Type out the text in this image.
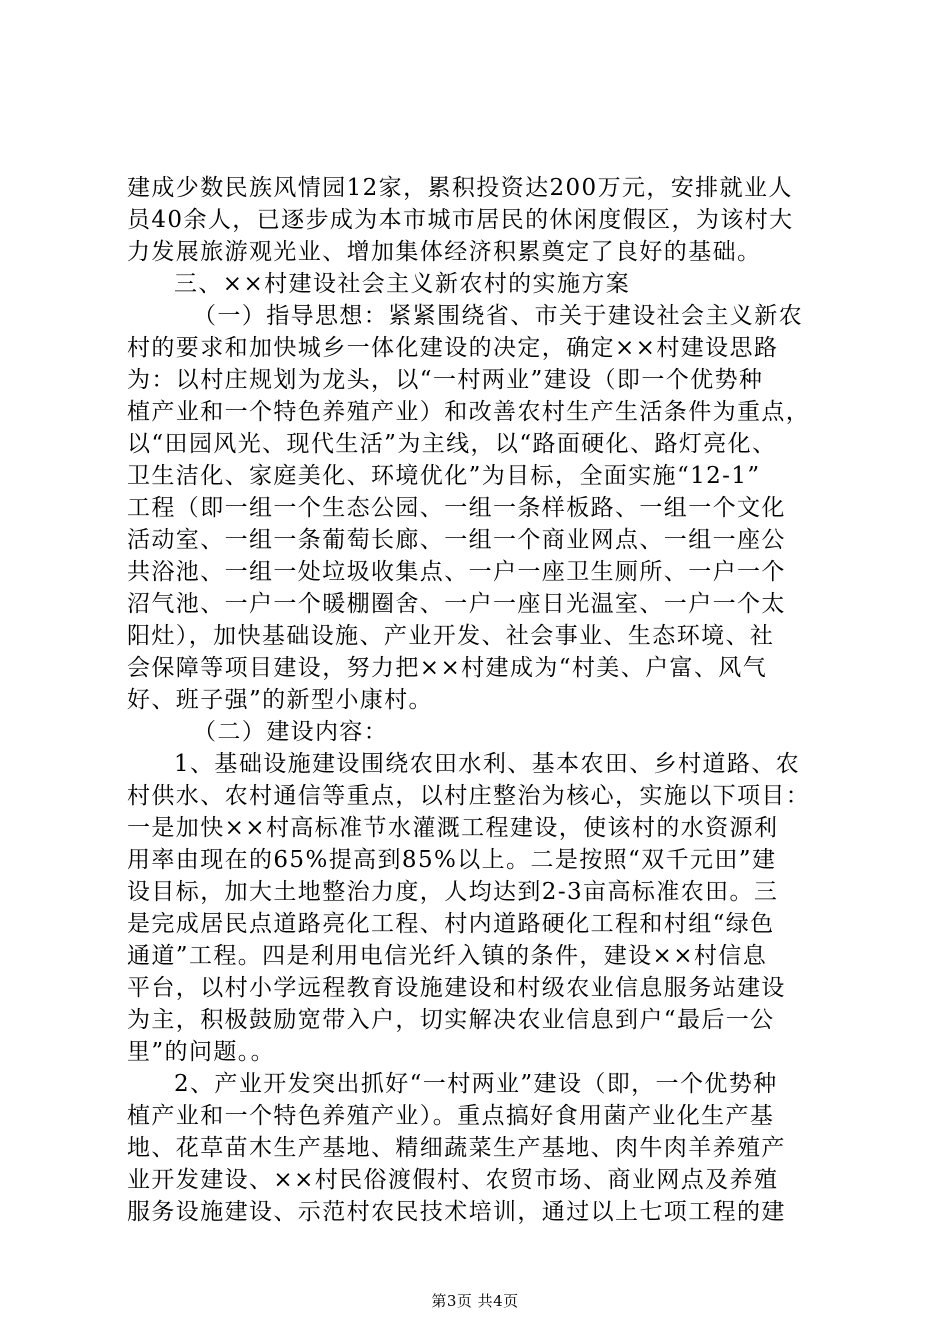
建成少数民族风情园12家，累积投资达200万元，安排就业人
员40余人，已逐步成为本市城市居民的休闲度假区，为该村大
力发展旅游观光业、增加集体经济积累奠定了良好的基础。
三、××村建设社会主义新农村的实施方案
（一）指导思想：紧紧围绕省、市关于建设社会主义新农
村的要求和加快城乡一体化建设的决定，确定××村建设思路
为：以村庄规划为龙头，以“一村两业”建设（即一个优势种
植产业和一个特色养殖产业）和改善农村生产生活条件为重点，
以“田园风光、现代生活”为主线，以“路面硬化、路灯亮化、
卫生洁化、家庭美化、环境优化”为目标，全面实施“12-1”
工程（即一组一个生态公园、一组一条样板路、一组一个文化
活动室、一组一条葡萄长廊、一组一个商业网点、一组一座公
共浴池、一组一处垃圾收集点、一户一座卫生厕所、一户一个
沼气池、一户一个暖棚圈舍、一户一座日光温室、一户一个太
阳灶），加快基础设施、产业开发、社会事业、生态环境、社
会保障等项目建设，努力把××村建成为“村美、户富、风气
好、班子强”的新型小康村。
（二）建设内容：
1、基础设施建设围绕农田水利、基本农田、乡村道路、农
村供水、农村通信等重点，以村庄整治为核心，实施以下项目：
一是加快××村高标准节水灌溉工程建设，使该村的水资源利
用率由现在的65%提高到85%以上。二是按照“双千元田”建
设目标，加大土地整治力度，人均达到2-3亩高标准农田。三
是完成居民点道路亮化工程、村内道路硬化工程和村组“绿色
通道”工程。四是利用电信光纤入镇的条件，建设××村信息
平台，以村小学远程教育设施建设和村级农业信息服务站建设
为主，积极鼓励宽带入户，切实解决农业信息到户“最后一公
里”的问题。。
2、产业开发突出抓好“一村两业”建设（即，一个优势种
植产业和一个特色养殖产业）。重点搞好食用菌产业化生产基
地、花草苗木生产基地、精细蔬菜生产基地、肉牛肉羊养殖产
业开发建设、××村民俗渡假村、农贸市场、商业网点及养殖
服务设施建设、示范村农民技术培训，通过以上七项工程的建
第3页 共4页
